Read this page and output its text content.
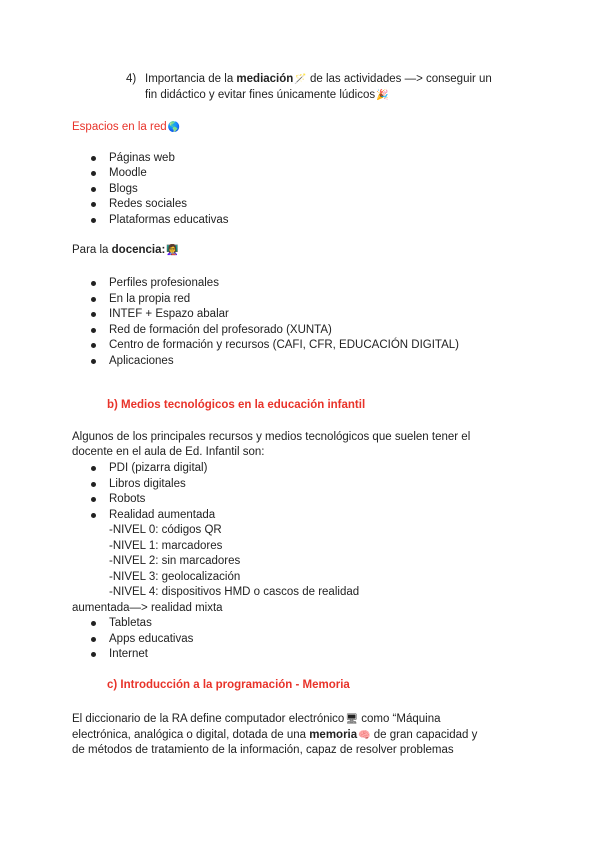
4) Importancia de la mediación🪄 de las actividades —> conseguir un
fin didáctico y evitar fines únicamente lúdicos🎉
Espacios en la red🌎
Páginas web
Moodle
Blogs
Redes sociales
Plataformas educativas
Para la docencia:👩‍🏫
Perfiles profesionales
En la propia red
INTEF + Espazo abalar
Red de formación del profesorado (XUNTA)
Centro de formación y recursos (CAFI, CFR, EDUCACIÓN DIGITAL)
Aplicaciones
b) Medios tecnológicos en la educación infantil
Algunos de los principales recursos y medios tecnológicos que suelen tener el
docente en el aula de Ed. Infantil son:
PDI (pizarra digital)
Libros digitales
Robots
Realidad aumentada
-NIVEL 0: códigos QR
-NIVEL 1: marcadores
-NIVEL 2: sin marcadores
-NIVEL 3: geolocalización
-NIVEL 4: dispositivos HMD o cascos de realidad
aumentada—> realidad mixta
Tabletas
Apps educativas
Internet
c) Introducción a la programación - Memoria
El diccionario de la RA define computador electrónico🖥 como “Máquina
electrónica, analógica o digital, dotada de una memoria🧠 de gran capacidad y
de métodos de tratamiento de la información, capaz de resolver problemas
